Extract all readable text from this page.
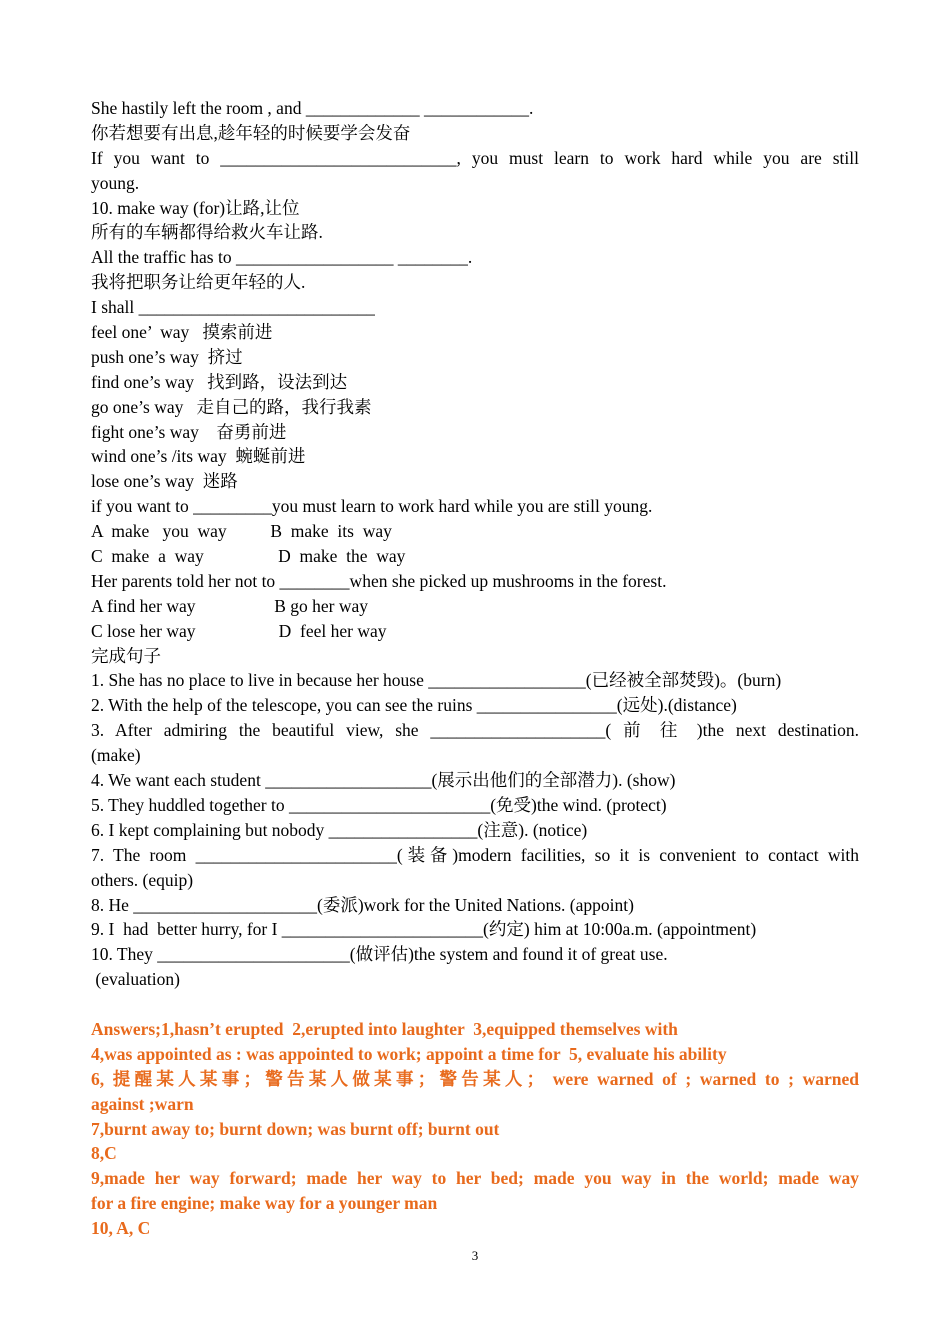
She hastily left the room , and _____________ ____________.
你若想要有出息,趁年轻的时候要学会发奋
If you want to ___________________________, you must learn to work hard while you are still
young.
10. make way (for)让路,让位
所有的车辆都得给救火车让路.
All the traffic has to __________________ ________.
我将把职务让给更年轻的人.
I shall ___________________________
feel one’  way   摸索前进
push one’s way  挤过
find one’s way   找到路，设法到达
go one’s way   走自己的路，我行我素
fight one’s way    奋勇前进
wind one’s /its way  蜿蜒前进
lose one’s way  迷路
if you want to _________you must learn to work hard while you are still young.
A  make   you  way          B  make  its  way
C  make  a  way                 D  make  the  way
Her parents told her not to ________when she picked up mushrooms in the forest.
A find her way                  B go her way
C lose her way                   D  feel her way
完成句子
1. She has no place to live in because her house __________________(已经被全部焚毁)。(burn)
2. With the help of the telescope, you can see the ruins ________________(远处).(distance)
3. After admiring the beautiful view, she ____________________( 前 往 )the next destination.
(make)
4. We want each student ___________________(展示出他们的全部潜力). (show)
5. They huddled together to _______________________(免受)the wind. (protect)
6. I kept complaining but nobody _________________(注意). (notice)
7. The room _______________________(装备)modern facilities, so it is convenient to contact with
others. (equip)
8. He _____________________(委派)work for the United Nations. (appoint)
9. I  had  better hurry, for I _______________________(约定) him at 10:00a.m. (appointment)
10. They ______________________(做评估)the system and found it of great use.
(evaluation)
Answers;1,hasn’t erupted  2,erupted into laughter  3,equipped themselves with
4,was appointed as : was appointed to work; appoint a time for  5, evaluate his ability
6, 提醒某人某事；警告某人做某事；警告某人； were warned of ; warned to ; warned
against ;warn
7,burnt away to; burnt down; was burnt off; burnt out
8,C
9,made her way forward; made her way to her bed; made you way in the world; made way
for a fire engine; make way for a younger man
10, A, C
3
